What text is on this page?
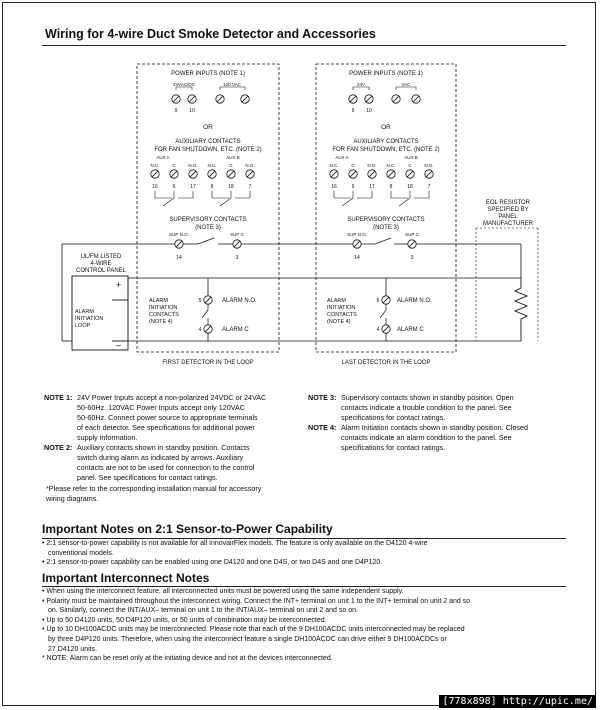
Wiring for 4-wire Duct Smoke Detector and Accessories
POWER INPUTS (NOTE 1)
24VAC/DC	120 VAC
9 10
OR
AUXILIARY CONTACTS
FOR FAN SHUTDOWN, ETC. (NOTE 2)
AUX A	AUX B
N.C.	C	N.O. N.C.	C	N.O.
16	6	17	8	18	7
SUPERVISORY CONTACTS
(NOTE 3)
SUP N.O.	SUP C
14	3
ALARM
INITIATION
CONTACTS
(NOTE 4)
5
4
ALARM N.O.
ALARM C
FIRST DETECTOR IN THE LOOP
POWER INPUTS (NOTE 1)
24V	VAC
9 10
OR
AUXILIARY CONTACTS
FOR FAN SHUTDOWN, ETC. (NOTE 2)
AUX A	AUX B
N.C.	C	N.O. N.C.	C	N.O.
16	6	17	8	18	7
SUPERVISORY CONTACTS
(NOTE 3)
SUP N.O.	SUP C
14	3
ALARM
INITIATION
CONTACTS
(NOTE 4)
5
4
ALARM N.O.
ALARM C
LAST DETECTOR IN THE LOOP
UL/FM LISTED
4-WIRE
CONTROL PANEL
ALARM
INITIATION
LOOP
+
–
EOL RESISTOR
SPECIFIED BY
PANEL
MANUFACTURER
NOTE 1: 24V Power Inputs accept a non-polarized 24VDC or 24VAC
50-60Hz. 120VAC Power Inputs accept only 120VAC
50-60Hz. Connect power source to appropriate terminals
of each detector. See specifications for additional power
supply information.
NOTE 2: Auxiliary contacts shown in standby position. Contacts
switch during alarm as indicated by arrows. Auxiliary
contacts are not to be used for connection to the control
panel. See specifications for contact ratings.
*Please refer to the corresponding installation manual for accessory
wiring diagrams.
NOTE 3: Supervisory contacts shown in standby position. Open
contacts indicate a trouble condition to the panel. See
specifications for contact ratings.
NOTE 4: Alarm Initiation contacts shown in standby position. Closed
contacts indicate an alarm condition to the panel. See
specifications for contact ratings.
Important Notes on 2:1 Sensor-to-Power Capability
• 2:1 sensor-to-power capability is not available for all InnovairFlex models. The feature is only available on the D4120 4-wire
conventional models.
• 2:1 sensor-to-power capability can be enabled using one D4120 and one D4S, or two D4S and one D4P120.
Important Interconnect Notes
• When using the interconnect feature, all interconnected units must be powered using the same independent supply.
• Polarity must be maintained throughout the interconnect wiring. Connect the INT+ terminal on unit 1 to the INT+ terminal on unit 2 and so
on. Similarly, connect the INT/AUX– terminal on unit 1 to the INT/AUX– terminal on unit 2 and so on.
• Up to 50 D4120 units, 50 D4P120 units, or 50 units of combination may be interconnected.
• Up to 10 DH100ACDC units may be interconnected. Please note that each of the 9 DH100ACDC units interconnected may be replaced
by three D4P120 units. Therefore, when using the interconnect feature a single DH100ACDC can drive either 9 DH100ACDCs or
27 D4120 units.
* NOTE: Alarm can be reset only at the initiating device and not at the devices interconnected.
[778x898] http://upic.me/
